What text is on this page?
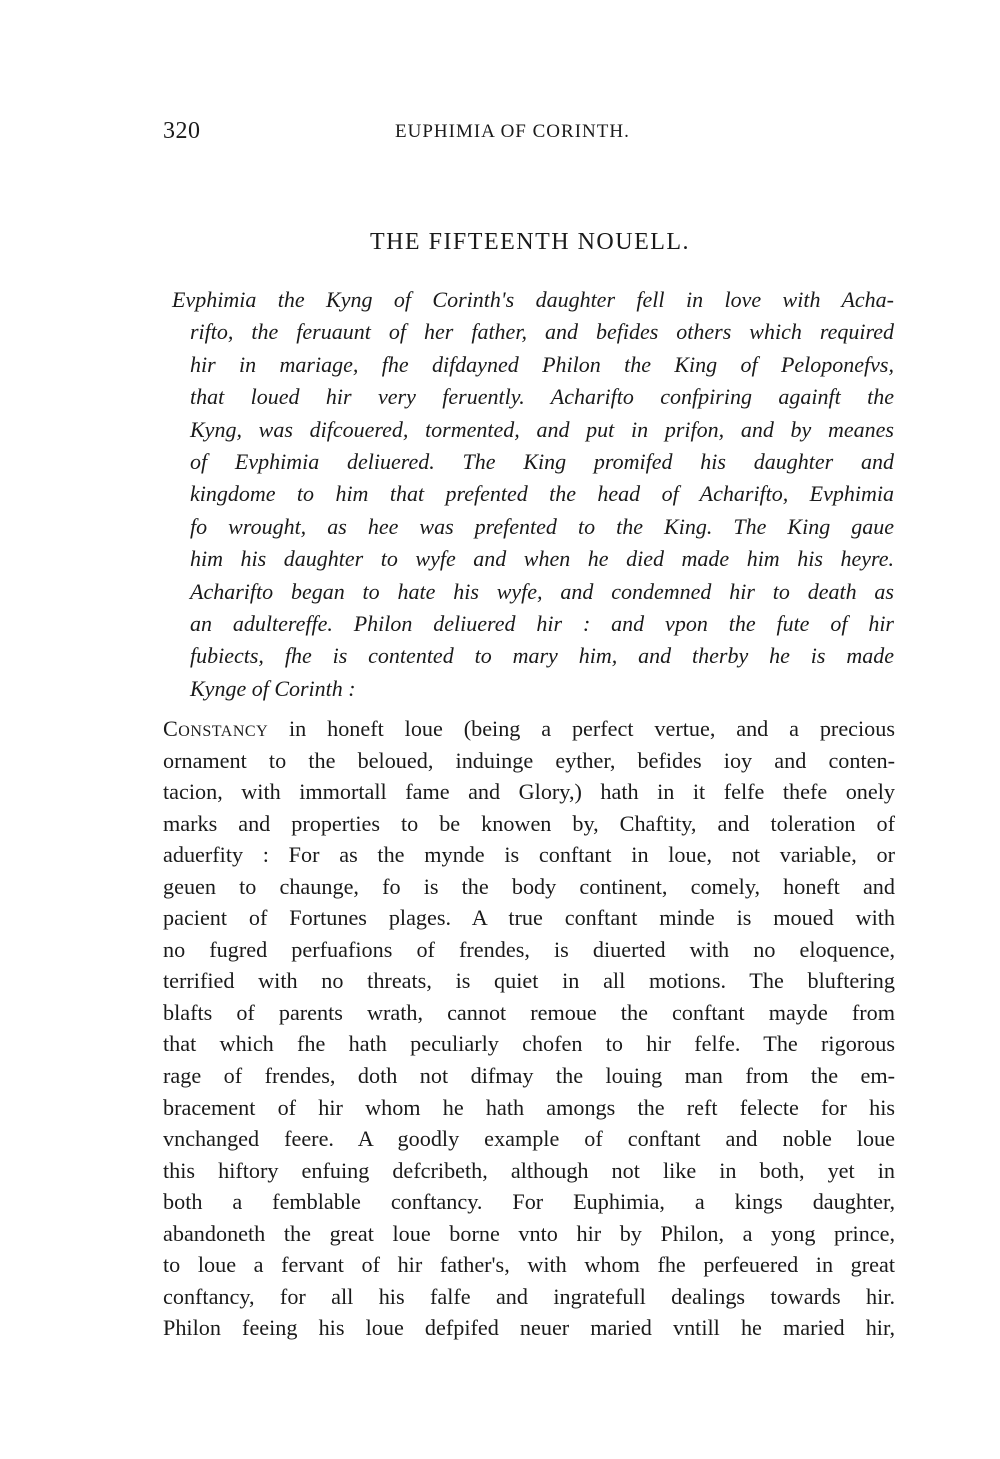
320	EUPHIMIA OF CORINTH.
THE FIFTEENTH NOUELL.
Evphimia the Kyng of Corinth's daughter fell in love with Acha-
rifto, the feruaunt of her father, and befides others which required
hir in mariage, fhe difdayned Philon the King of Peloponefvs,
that loued hir very feruently. Acharifto confpiring againft the
Kyng, was difcouered, tormented, and put in prifon, and by meanes
of Evphimia deliuered. The King promifed his daughter and
kingdome to him that prefented the head of Acharifto, Evphimia
fo wrought, as hee was prefented to the King. The King gaue
him his daughter to wyfe and when he died made him his heyre.
Acharifto began to hate his wyfe, and condemned hir to death as
an adultereffe. Philon deliuered hir : and vpon the fute of hir
fubiects, fhe is contented to mary him, and therby he is made
Kynge of Corinth :
Constancy in honeft loue (being a perfect vertue, and a precious
ornament to the beloued, induinge eyther, befides ioy and conten-
tacion, with immortall fame and Glory,) hath in it felfe thefe onely
marks and properties to be knowen by, Chaftity, and toleration of
aduerfity : For as the mynde is conftant in loue, not variable, or
geuen to chaunge, fo is the body continent, comely, honeft and
pacient of Fortunes plages. A true conftant minde is moued with
no fugred perfuafions of frendes, is diuerted with no eloquence,
terrified with no threats, is quiet in all motions. The bluftering
blafts of parents wrath, cannot remoue the conftant mayde from
that which fhe hath peculiarly chofen to hir felfe. The rigorous
rage of frendes, doth not difmay the louing man from the em-
bracement of hir whom he hath amongs the reft felecte for his
vnchanged feere. A goodly example of conftant and noble loue
this hiftory enfuing defcribeth, although not like in both, yet in
both a femblable conftancy. For Euphimia, a kings daughter,
abandoneth the great loue borne vnto hir by Philon, a yong prince,
to loue a fervant of hir father's, with whom fhe perfeuered in great
conftancy, for all his falfe and ingratefull dealings towards hir.
Philon feeing his loue defpifed neuer maried vntill he maried hir,
